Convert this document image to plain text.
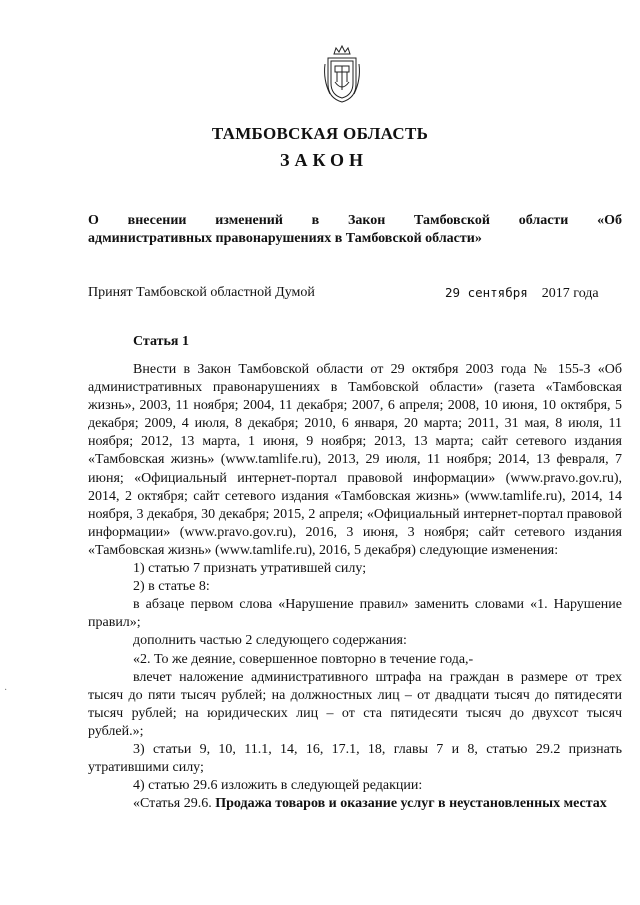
ТАМБОВСКАЯ ОБЛАСТЬ
ЗАКОН
О внесении изменений в Закон Тамбовской области «Об
административных правонарушениях в Тамбовской области»
Принят Тамбовской областной Думой	29 сентября 2017 года
Статья 1
·

Внести в Закон Тамбовской области от 29 октября 2003 года № 155-З «Об административных правонарушениях в Тамбовской области» (газета «Тамбовская жизнь», 2003, 11 ноября; 2004, 11 декабря; 2007, 6 апреля; 2008, 10 июня, 10 октября, 5 декабря; 2009, 4 июля, 8 декабря; 2010, 6 января, 20 марта; 2011, 31 мая, 8 июля, 11 ноября; 2012, 13 марта, 1 июня, 9 ноября; 2013, 13 марта; сайт сетевого издания «Тамбовская жизнь» (www.tamlife.ru), 2013, 29 июля, 11 ноября; 2014, 13 февраля, 7 июня; «Официальный интернет-портал правовой информации» (www.pravo.gov.ru), 2014, 2 октября; сайт сетевого издания «Тамбовская жизнь» (www.tamlife.ru), 2014, 14 ноября, 3 декабря, 30 декабря; 2015, 2 апреля; «Официальный интернет-портал правовой информации» (www.pravo.gov.ru), 2016, 3 июня, 3 ноября; сайт сетевого издания «Тамбовская жизнь» (www.tamlife.ru), 2016, 5 декабря) следующие изменения:

1) статью 7 признать утратившей силу;

2) в статье 8:

в абзаце первом слова «Нарушение правил» заменить словами «1. Нарушение правил»;

дополнить частью 2 следующего содержания:

«2. То же деяние, совершенное повторно в течение года,-

влечет наложение административного штрафа на граждан в размере от трех тысяч до пяти тысяч рублей; на должностных лиц – от двадцати тысяч до пятидесяти тысяч рублей; на юридических лиц – от ста пятидесяти тысяч до двухсот тысяч рублей.»;

3) статьи 9, 10, 11.1, 14, 16, 17.1, 18, главы 7 и 8, статью 29.2 признать утратившими силу;

4) статью 29.6 изложить в следующей редакции:

«Статья 29.6. Продажа товаров и оказание услуг в неустановленных местах
